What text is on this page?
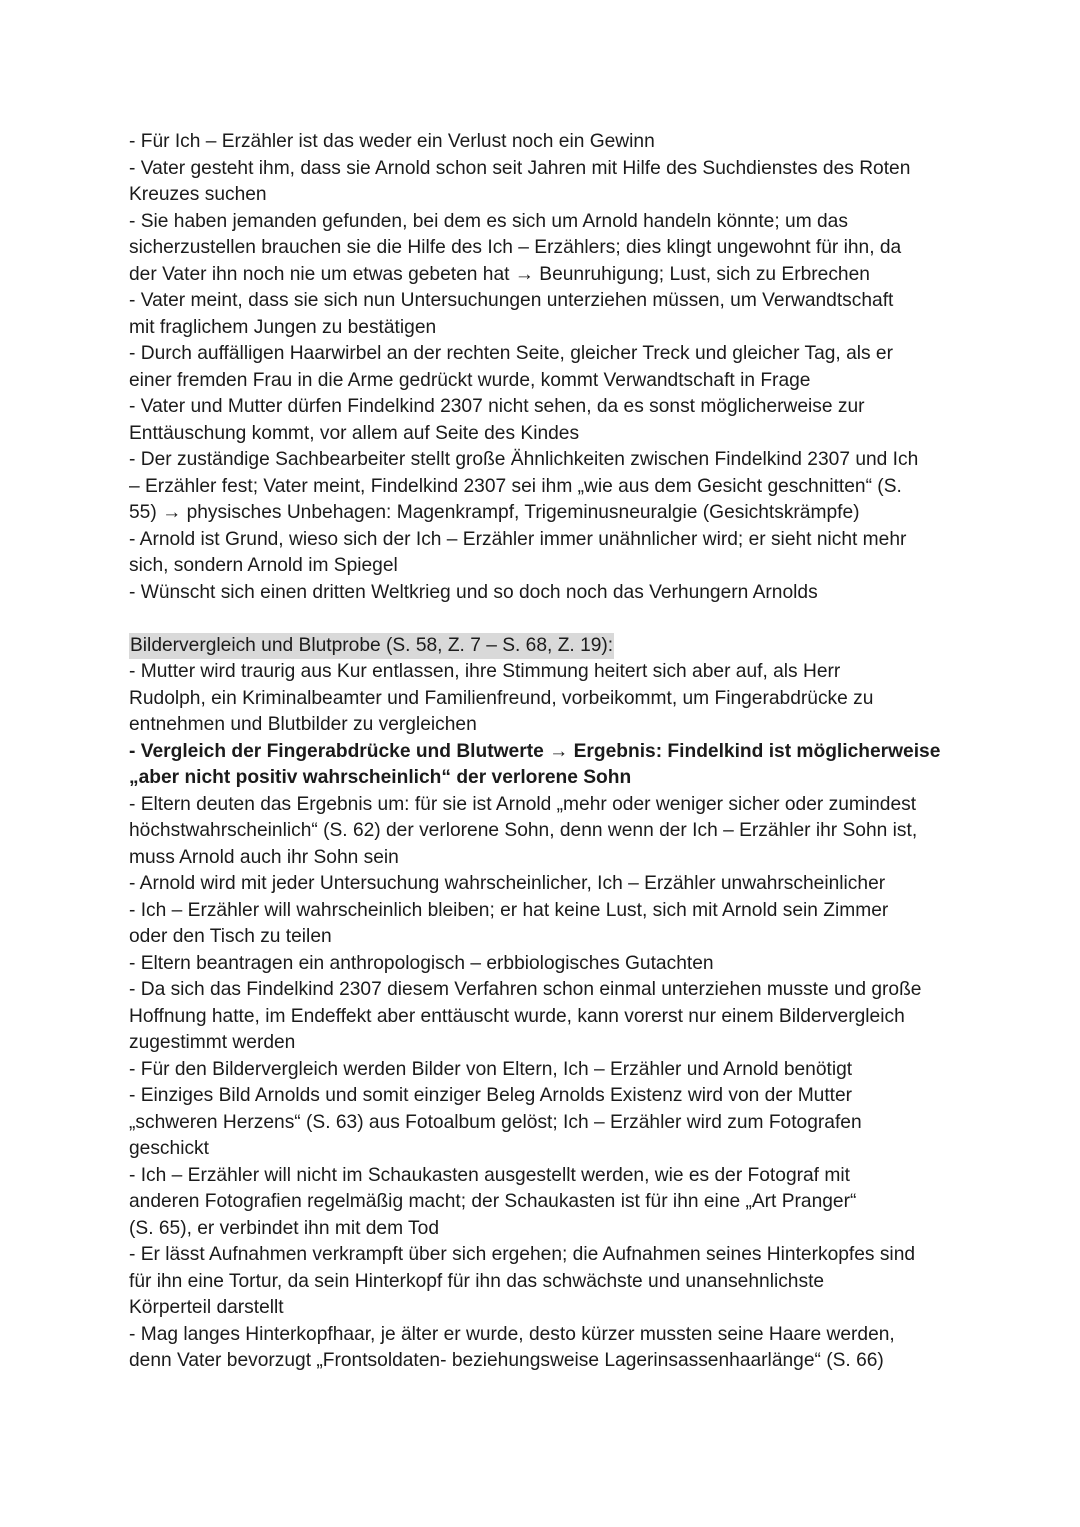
- Für Ich – Erzähler ist das weder ein Verlust noch ein Gewinn
- Vater gesteht ihm, dass sie Arnold schon seit Jahren mit Hilfe des Suchdienstes des Roten
Kreuzes suchen
- Sie haben jemanden gefunden, bei dem es sich um Arnold handeln könnte; um das
sicherzustellen brauchen sie die Hilfe des Ich – Erzählers; dies klingt ungewohnt für ihn, da
der Vater ihn noch nie um etwas gebeten hat → Beunruhigung; Lust, sich zu Erbrechen
- Vater meint, dass sie sich nun Untersuchungen unterziehen müssen, um Verwandtschaft
mit fraglichem Jungen zu bestätigen
- Durch auffälligen Haarwirbel an der rechten Seite, gleicher Treck und gleicher Tag, als er
einer fremden Frau in die Arme gedrückt wurde, kommt Verwandtschaft in Frage
- Vater und Mutter dürfen Findelkind 2307 nicht sehen, da es sonst möglicherweise zur
Enttäuschung kommt, vor allem auf Seite des Kindes
- Der zuständige Sachbearbeiter stellt große Ähnlichkeiten zwischen Findelkind 2307 und Ich
– Erzähler fest; Vater meint, Findelkind 2307 sei ihm „wie aus dem Gesicht geschnitten“ (S.
55) → physisches Unbehagen: Magenkrampf, Trigeminusneuralgie (Gesichtskrämpfe)
- Arnold ist Grund, wieso sich der Ich – Erzähler immer unähnlicher wird; er sieht nicht mehr
sich, sondern Arnold im Spiegel
- Wünscht sich einen dritten Weltkrieg und so doch noch das Verhungern Arnolds
Bildervergleich und Blutprobe (S. 58, Z. 7 – S. 68, Z. 19):
- Mutter wird traurig aus Kur entlassen, ihre Stimmung heitert sich aber auf, als Herr
Rudolph, ein Kriminalbeamter und Familienfreund, vorbeikommt, um Fingerabdrücke zu
entnehmen und Blutbilder zu vergleichen
- Vergleich der Fingerabdrücke und Blutwerte → Ergebnis: Findelkind ist möglicherweise
„aber nicht positiv wahrscheinlich“ der verlorene Sohn
- Eltern deuten das Ergebnis um: für sie ist Arnold „mehr oder weniger sicher oder zumindest
höchstwahrscheinlich“ (S. 62) der verlorene Sohn, denn wenn der Ich – Erzähler ihr Sohn ist,
muss Arnold auch ihr Sohn sein
- Arnold wird mit jeder Untersuchung wahrscheinlicher, Ich – Erzähler unwahrscheinlicher
- Ich – Erzähler will wahrscheinlich bleiben; er hat keine Lust, sich mit Arnold sein Zimmer
oder den Tisch zu teilen
- Eltern beantragen ein anthropologisch – erbbiologisches Gutachten
- Da sich das Findelkind 2307 diesem Verfahren schon einmal unterziehen musste und große
Hoffnung hatte, im Endeffekt aber enttäuscht wurde, kann vorerst nur einem Bildervergleich
zugestimmt werden
- Für den Bildervergleich werden Bilder von Eltern, Ich – Erzähler und Arnold benötigt
- Einziges Bild Arnolds und somit einziger Beleg Arnolds Existenz wird von der Mutter
„schweren Herzens“ (S. 63) aus Fotoalbum gelöst; Ich – Erzähler wird zum Fotografen
geschickt
- Ich – Erzähler will nicht im Schaukasten ausgestellt werden, wie es der Fotograf mit
anderen Fotografien regelmäßig macht; der Schaukasten ist für ihn eine „Art Pranger“
(S. 65), er verbindet ihn mit dem Tod
- Er lässt Aufnahmen verkrampft über sich ergehen; die Aufnahmen seines Hinterkopfes sind
für ihn eine Tortur, da sein Hinterkopf für ihn das schwächste und unansehnlichste
Körperteil darstellt
- Mag langes Hinterkopfhaar, je älter er wurde, desto kürzer mussten seine Haare werden,
denn Vater bevorzugt „Frontsoldaten- beziehungsweise Lagerinsassenhaarlänge“ (S. 66)
